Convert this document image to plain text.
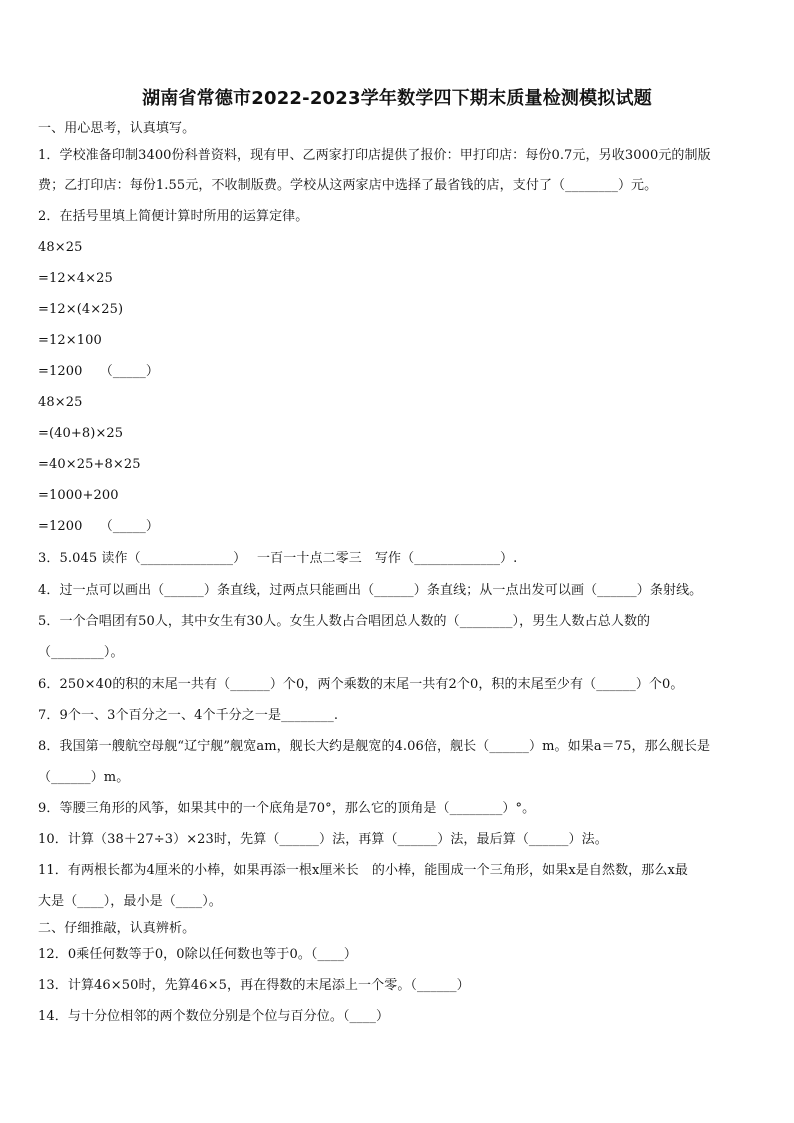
湖南省常德市2022-2023学年数学四下期末质量检测模拟试题
一、用心思考，认真填写。
1．学校准备印制3400份科普资料，现有甲、乙两家打印店提供了报价：甲打印店：每份0.7元，另收3000元的制版
费；乙打印店：每份1.55元，不收制版费。学校从这两家店中选择了最省钱的店，支付了（________）元。
2．在括号里填上简便计算时所用的运算定律。
48×25
=12×4×25
=12×(4×25)
=12×100
=1200　 （_____）
48×25
=(40+8)×25
=40×25+8×25
=1000+200
=1200　 （_____）
3．5.045 读作（______________）　 一百一十点二零三　写作（_____________）.
4．过一点可以画出（______）条直线，过两点只能画出（______）条直线；从一点出发可以画（______）条射线。
5．一个合唱团有50人，其中女生有30人。女生人数占合唱团总人数的（________），男生人数占总人数的
（________）。
6．250×40的积的末尾一共有（______）个0，两个乘数的末尾一共有2个0，积的末尾至少有（______）个0。
7．9个一、3个百分之一、4个千分之一是________.
8．我国第一艘航空母舰“辽宁舰”舰宽am，舰长大约是舰宽的4.06倍，舰长（______）m。如果a＝75，那么舰长是
（______）m。
9．等腰三角形的风筝，如果其中的一个底角是70°，那么它的顶角是（________）°。
10．计算（38＋27÷3）×23时，先算（______）法，再算（______）法，最后算（______）法。
11．有两根长都为4厘米的小棒，如果再添一根x厘米长　的小棒，能围成一个三角形，如果x是自然数，那么x最
大是（____），最小是（____）。
二、仔细推敲，认真辨析。
12．0乘任何数等于0，0除以任何数也等于0。（____）
13．计算46×50时，先算46×5，再在得数的末尾添上一个零。（______）
14．与十分位相邻的两个数位分别是个位与百分位。（____）
